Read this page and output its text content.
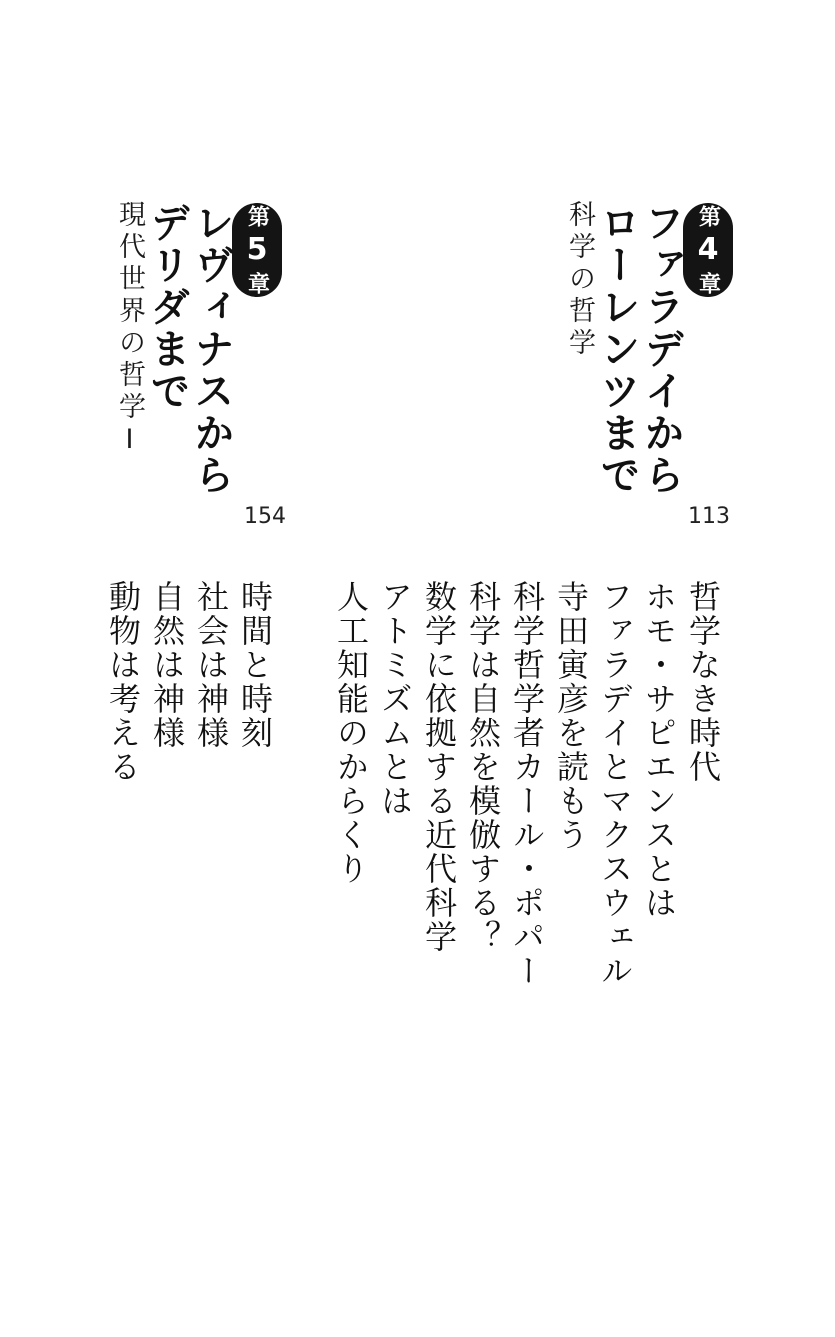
第
4
章
ファラデイから
ローレンツまで
科学の哲学
113
第
5
章
レヴィナスから
デリダまで
現代世界の哲学Ⅰ
154
哲学なき時代
ホモ・サピエンスとは
ファラデイとマクスウェル
寺田寅彦を読もう
科学哲学者カール・ポパー
科学は自然を模倣する？
数学に依拠する近代科学
アトミズムとは
人工知能のからくり
時間と時刻
社会は神様
自然は神様
動物は考える
